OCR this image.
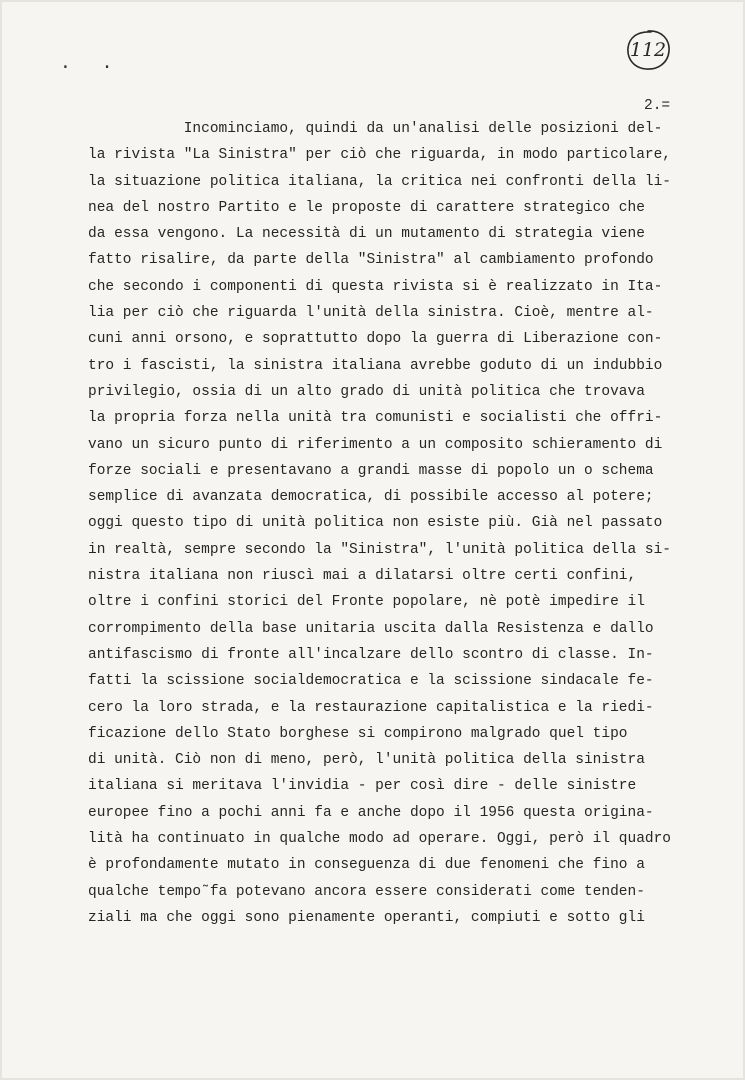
. .
112
2.=
Incominciamo, quindi da un'analisi delle posizioni del-
la rivista "La Sinistra" per ciò che riguarda, in modo particolare,
la situazione politica italiana, la critica nei confronti della li-
nea del nostro Partito e le proposte di carattere strategico che
da essa vengono. La necessità di un mutamento di strategia viene
fatto risalire, da parte della "Sinistra" al cambiamento profondo
che secondo i componenti di questa rivista si è realizzato in Ita-
lia per ciò che riguarda l'unità della sinistra. Cioè, mentre al-
cuni anni orsono, e soprattutto dopo la guerra di Liberazione con-
tro i fascisti, la sinistra italiana avrebbe goduto di un indubbio
privilegio, ossia di un alto grado di unità politica che trovava
la propria forza nella unità tra comunisti e socialisti che offri-
vano un sicuro punto di riferimento a un composito schieramento di
forze sociali e presentavano a grandi masse di popolo un o schema
semplice di avanzata democratica, di possibile accesso al potere;
oggi questo tipo di unità politica non esiste più. Già nel passato
in realtà, sempre secondo la "Sinistra", l'unità politica della si-
nistra italiana non riuscì mai a dilatarsi oltre certi confini,
oltre i confini storici del Fronte popolare, nè potè impedire il
corrompimento della base unitaria uscita dalla Resistenza e dallo
antifascismo di fronte all'incalzare dello scontro di classe. In-
fatti la scissione socialdemocratica e la scissione sindacale fe-
cero la loro strada, e la restaurazione capitalistica e la riedi-
ficazione dello Stato borghese si compirono malgrado quel tipo
di unità. Ciò non di meno, però, l'unità politica della sinistra
italiana si meritava l'invidia - per così dire - delle sinistre
europee fino a pochi anni fa e anche dopo il 1956 questa origina-
lità ha continuato in qualche modo ad operare. Oggi, però il quadro
è profondamente mutato in conseguenza di due fenomeni che fino a
qualche tempo˜fa potevano ancora essere considerati come tenden-
ziali ma che oggi sono pienamente operanti, compiuti e sotto gli
